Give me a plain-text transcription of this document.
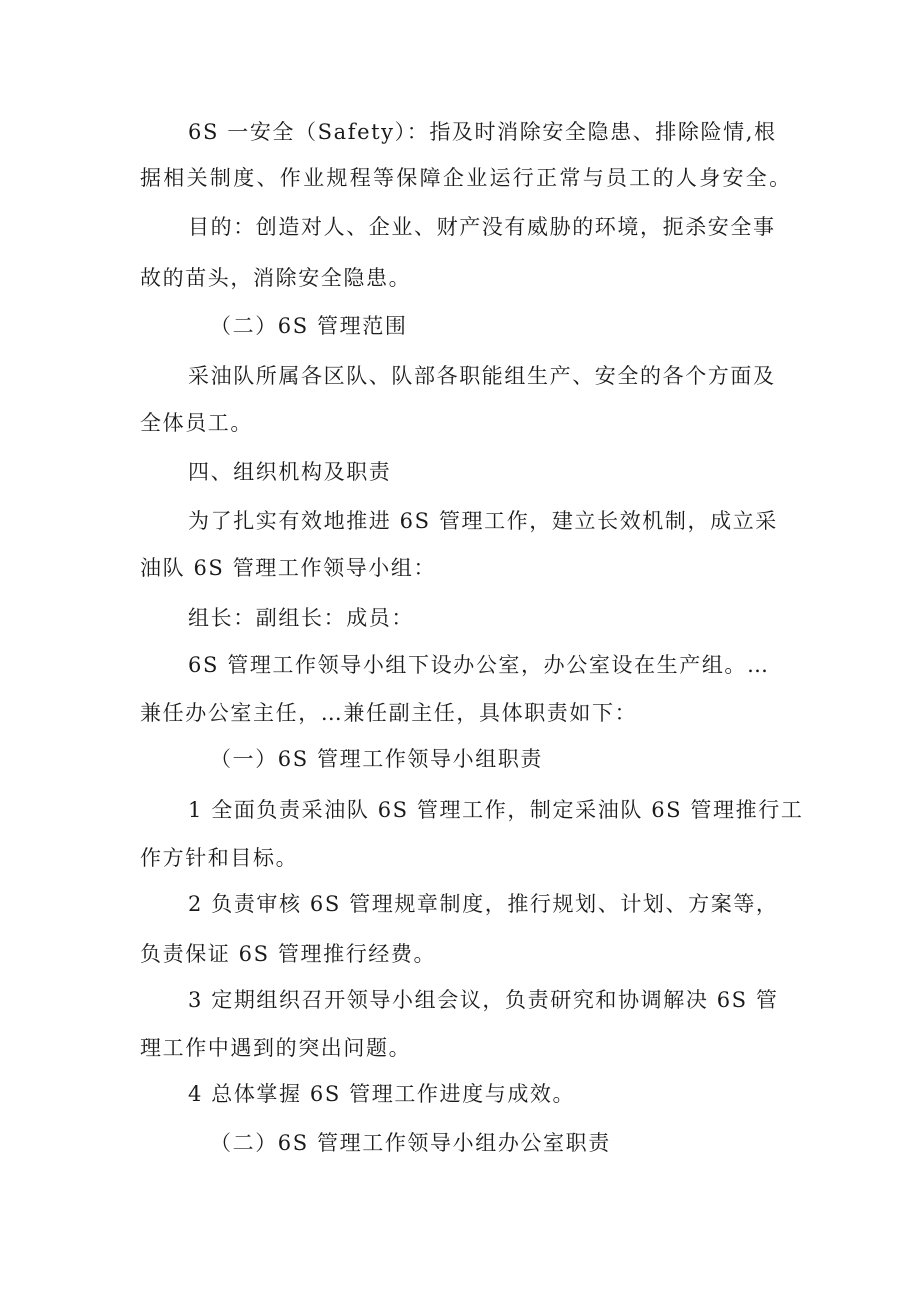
6S 一安全（Safety）：指及时消除安全隐患、排除险情,根
据相关制度、作业规程等保障企业运行正常与员工的人身安全。
目的：创造对人、企业、财产没有威胁的环境，扼杀安全事
故的苗头，消除安全隐患。
（二）6S 管理范围
采油队所属各区队、队部各职能组生产、安全的各个方面及
全体员工。
四、组织机构及职责
为了扎实有效地推进 6S 管理工作，建立长效机制，成立采
油队 6S 管理工作领导小组：
组长：副组长：成员：
6S 管理工作领导小组下设办公室，办公室设在生产组。…
兼任办公室主任，…兼任副主任，具体职责如下：
（一）6S 管理工作领导小组职责
1 全面负责采油队 6S 管理工作，制定采油队 6S 管理推行工
作方针和目标。
2 负责审核 6S 管理规章制度，推行规划、计划、方案等，
负责保证 6S 管理推行经费。
3 定期组织召开领导小组会议，负责研究和协调解决 6S 管
理工作中遇到的突出问题。
4 总体掌握 6S 管理工作进度与成效。
（二）6S 管理工作领导小组办公室职责
